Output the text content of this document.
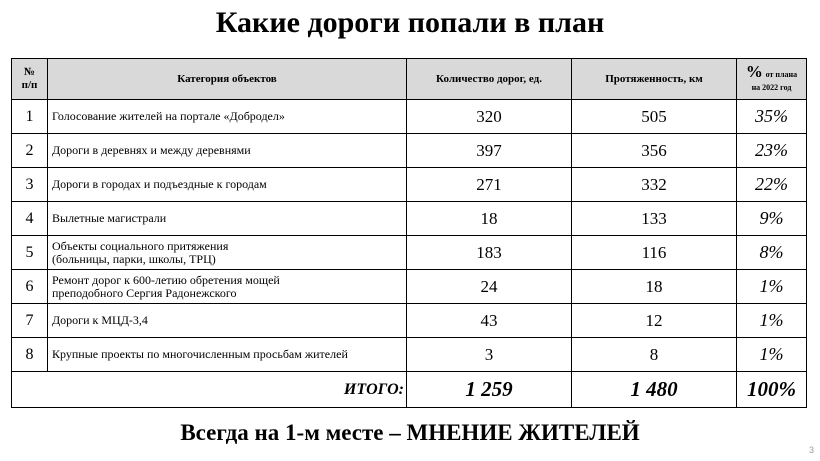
Какие дороги попали в план
№
п/п	Категория объектов	Количество дорог, ед.	Протяженность, км	% от плана
на 2022 год
1	Голосование жителей на портале «Добродел»	320	505	35%
2	Дороги в деревнях и между деревнями	397	356	23%
3	Дороги в городах и подъездные к городам	271	332	22%
4	Вылетные магистрали	18	133	9%
5	Объекты социального притяжения
(больницы, парки, школы, ТРЦ)	183	116	8%
6	Ремонт дорог к 600-летию обретения мощей
преподобного Сергия Радонежского	24	18	1%
7	Дороги к МЦД-3,4	43	12	1%
8	Крупные проекты по многочисленным просьбам жителей	3	8	1%
ИТОГО:		1 259	1 480	100%
Всегда на 1-м месте – МНЕНИЕ ЖИТЕЛЕЙ
3
